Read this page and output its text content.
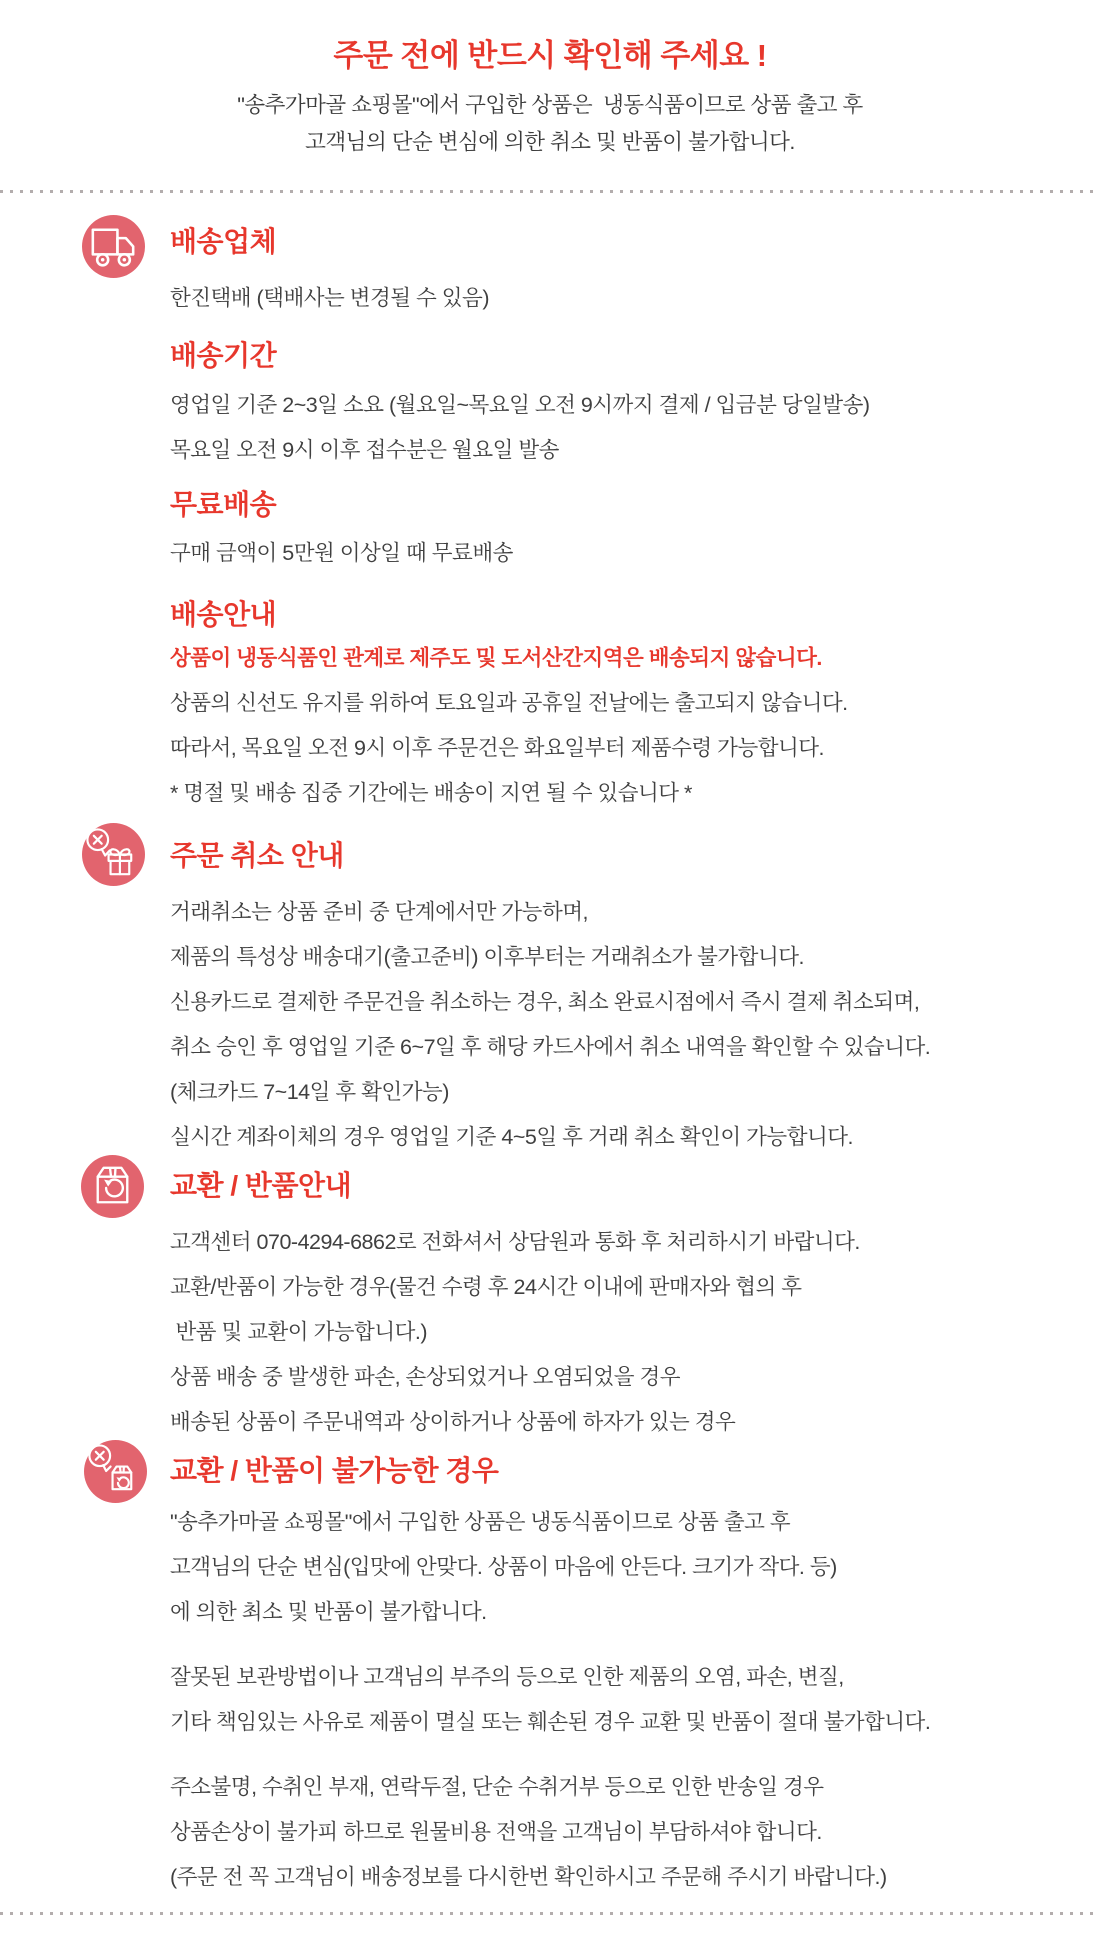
주문 전에 반드시 확인해 주세요 !
"송추가마골 쇼핑몰"에서 구입한 상품은  냉동식품이므로 상품 출고 후
고객님의 단순 변심에 의한 취소 및 반품이 불가합니다.
배송업체

한진택배 (택배사는 변경될 수 있음)

배송기간

영업일 기준 2~3일 소요 (월요일~목요일 오전 9시까지 결제 / 입금분 당일발송)

목요일 오전 9시 이후 접수분은 월요일 발송

무료배송

구매 금액이 5만원 이상일 때 무료배송

배송안내

상품이 냉동식품인 관계로 제주도 및 도서산간지역은 배송되지 않습니다.

상품의 신선도 유지를 위하여 토요일과 공휴일 전날에는 출고되지 않습니다.

따라서, 목요일 오전 9시 이후 주문건은 화요일부터 제품수령 가능합니다.

* 명절 및 배송 집중 기간에는 배송이 지연 될 수 있습니다 *

주문 취소 안내

거래취소는 상품 준비 중 단계에서만 가능하며,

제품의 특성상 배송대기(출고준비) 이후부터는 거래취소가 불가합니다.

신용카드로 결제한 주문건을 취소하는 경우, 최소 완료시점에서 즉시 결제 취소되며,

취소 승인 후 영업일 기준 6~7일 후 해당 카드사에서 취소 내역을 확인할 수 있습니다.

(체크카드 7~14일 후 확인가능)

실시간 계좌이체의 경우 영업일 기준 4~5일 후 거래 취소 확인이 가능합니다.

교환 / 반품안내

고객센터 070-4294-6862로 전화셔서 상담원과 통화 후 처리하시기 바랍니다.

교환/반품이 가능한 경우(물건 수령 후 24시간 이내에 판매자와 협의 후

반품 및 교환이 가능합니다.)

상품 배송 중 발생한 파손, 손상되었거나 오염되었을 경우

배송된 상품이 주문내역과 상이하거나 상품에 하자가 있는 경우

교환 / 반품이 불가능한 경우

"송추가마골 쇼핑몰"에서 구입한 상품은 냉동식품이므로 상품 출고 후

고객님의 단순 변심(입맛에 안맞다. 상품이 마음에 안든다. 크기가 작다. 등)

에 의한 최소 및 반품이 불가합니다.

잘못된 보관방법이나 고객님의 부주의 등으로 인한 제품의 오염, 파손, 변질,

기타 책임있는 사유로 제품이 멸실 또는 훼손된 경우 교환 및 반품이 절대 불가합니다.

주소불명, 수취인 부재, 연락두절, 단순 수취거부 등으로 인한 반송일 경우

상품손상이 불가피 하므로 원물비용 전액을 고객님이 부담하셔야 합니다.

(주문 전 꼭 고객님이 배송정보를 다시한번 확인하시고 주문해 주시기 바랍니다.)
